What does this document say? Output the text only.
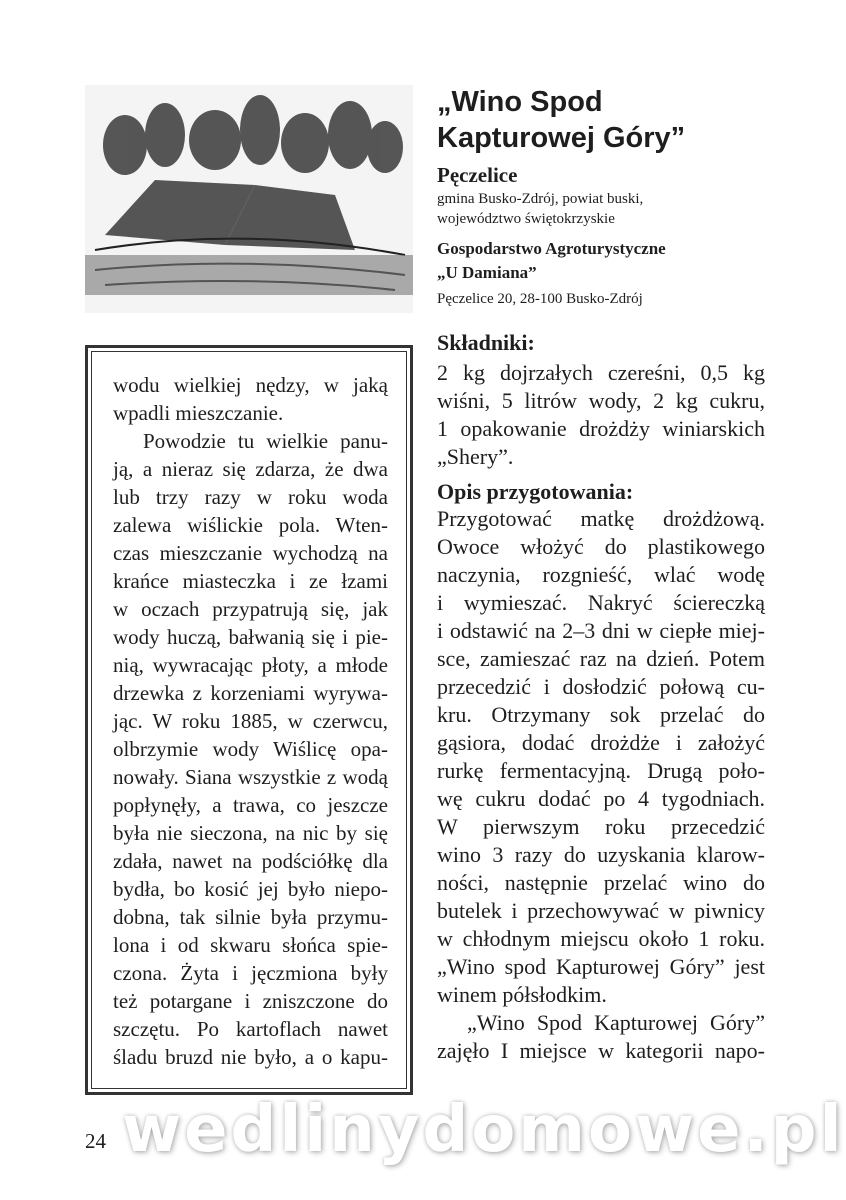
wodu wielkiej nędzy, w jaką
wpadli mieszczanie.
Powodzie tu wielkie panu-
ją, a nieraz się zdarza, że dwa
lub trzy razy w roku woda
zalewa wiślickie pola. Wten-
czas mieszczanie wychodzą na
krańce miasteczka i ze łzami
w oczach przypatrują się, jak
wody huczą, bałwanią się i pie-
nią, wywracając płoty, a młode
drzewka z korzeniami wyrywa-
jąc. W roku 1885, w czerwcu,
olbrzymie wody Wiślicę opa-
nowały. Siana wszystkie z wodą
popłynęły, a trawa, co jeszcze
była nie sieczona, na nic by się
zdała, nawet na podściółkę dla
bydła, bo kosić jej było niepo-
dobna, tak silnie była przymu-
lona i od skwaru słońca spie-
czona. Żyta i jęczmiona były
też potargane i zniszczone do
szczętu. Po kartoflach nawet
śladu bruzd nie było, a o kapu-
„Wino Spod
Kapturowej Góry”
Pęczelice
gmina Busko-Zdrój, powiat buski,
województwo świętokrzyskie
Gospodarstwo Agroturystyczne
„U Damiana”
Pęczelice 20, 28-100 Busko-Zdrój
Składniki:
2 kg dojrzałych czereśni, 0,5 kg
wiśni, 5 litrów wody, 2 kg cukru,
1 opakowanie drożdży winiarskich
„Shery”.
Opis przygotowania:
Przygotować matkę drożdżową.
Owoce włożyć do plastikowego
naczynia, rozgnieść, wlać wodę
i wymieszać. Nakryć ściereczką
i odstawić na 2–3 dni w ciepłe miej-
sce, zamieszać raz na dzień. Potem
przecedzić i dosłodzić połową cu-
kru. Otrzymany sok przelać do
gąsiora, dodać drożdże i założyć
rurkę fermentacyjną. Drugą poło-
wę cukru dodać po 4 tygodniach.
W pierwszym roku przecedzić
wino 3 razy do uzyskania klarow-
ności, następnie przelać wino do
butelek i przechowywać w piwnicy
w chłodnym miejscu około 1 roku.
„Wino spod Kapturowej Góry” jest
winem półsłodkim.
„Wino Spod Kapturowej Góry”
zajęło I miejsce w kategorii napo-
wedlinydomowe.pl
24
